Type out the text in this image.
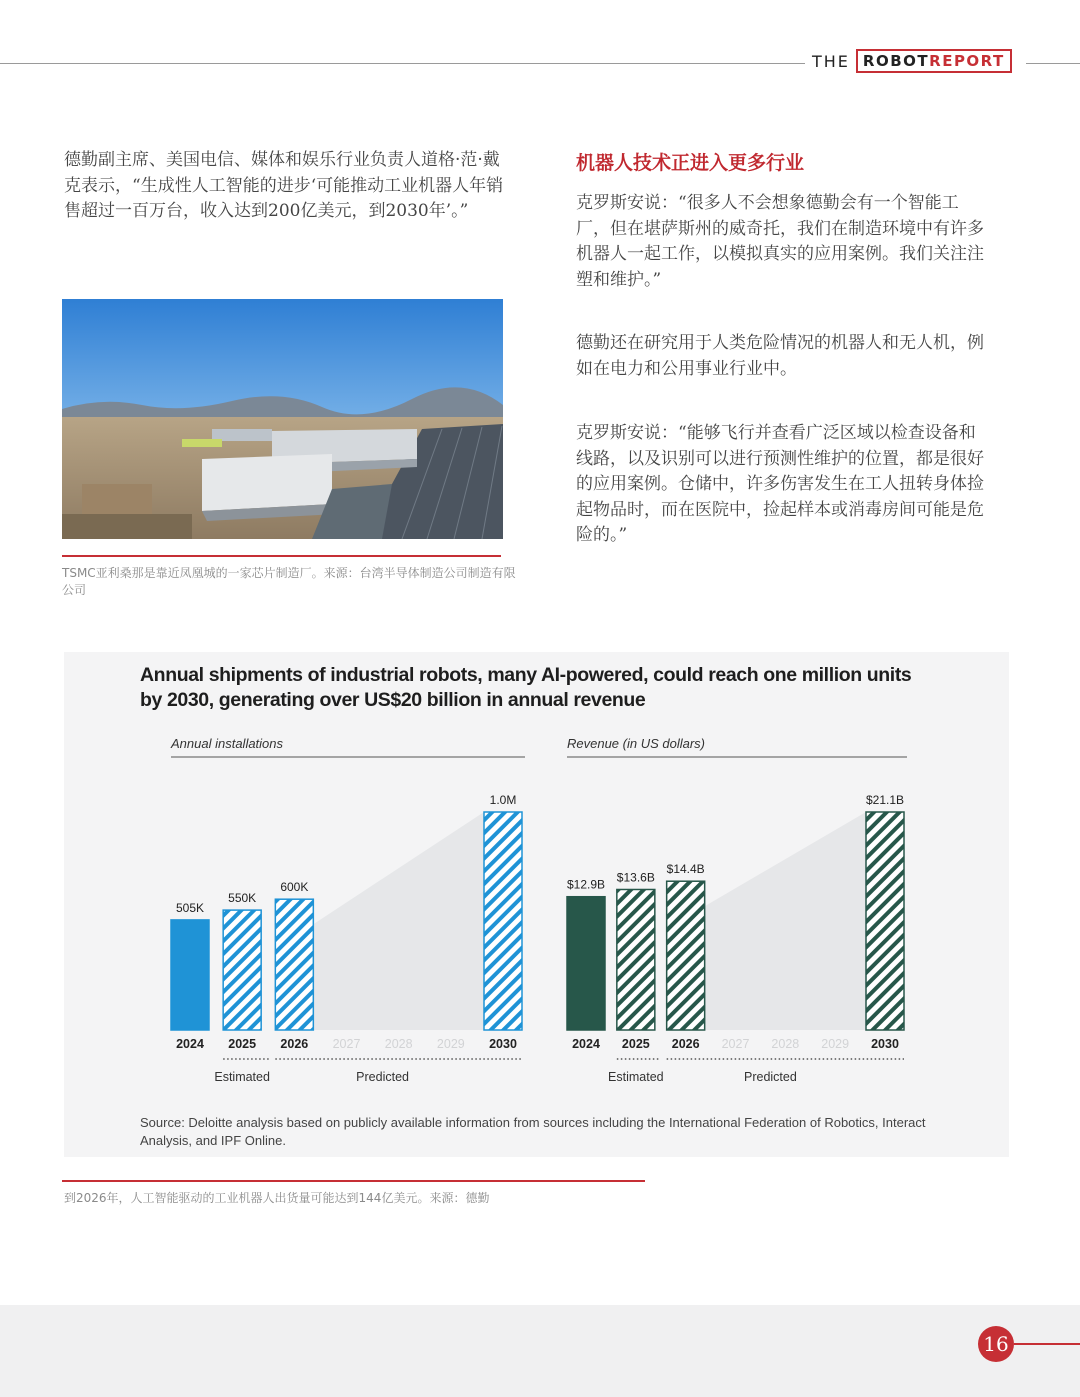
THE ROBOTREPORT
德勤副主席、美国电信、媒体和娱乐行业负责人道格·范·戴克表示，“生成性人工智能的进步‘可能推动工业机器人年销售超过一百万台，收入达到200亿美元，到2030年’。”
TSMC亚利桑那是靠近凤凰城的一家芯片制造厂。来源：台湾半导体制造公司制造有限公司
机器人技术正进入更多行业
克罗斯安说：“很多人不会想象德勤会有一个智能工厂，但在堪萨斯州的威奇托，我们在制造环境中有许多机器人一起工作，以模拟真实的应用案例。我们关注注塑和维护。”
德勤还在研究用于人类危险情况的机器人和无人机，例如在电力和公用事业行业中。
克罗斯安说：“能够飞行并查看广泛区域以检查设备和线路，以及识别可以进行预测性维护的位置，都是很好的应用案例。仓储中，许多伤害发生在工人扭转身体捡起物品时，而在医院中，捡起样本或消毒房间可能是危险的。”
Annual shipments of industrial robots, many AI-powered, could reach one million units
by 2030, generating over US$20 billion in annual revenue
Annual installations
505K
2024
550K
2025
600K
2026 2027 2028 2029
1.0M
2030
Estimated	Predicted
Revenue (in US dollars)
$12.9B
2024
$13.6B
2025
$14.4B
2026 2027 2028 2029
$21.1B
2030
Estimated	Predicted
Source: Deloitte analysis based on publicly available information from sources including the International Federation of Robotics, Interact Analysis, and IPF Online.
到2026年，人工智能驱动的工业机器人出货量可能达到144亿美元。来源：德勤
16
